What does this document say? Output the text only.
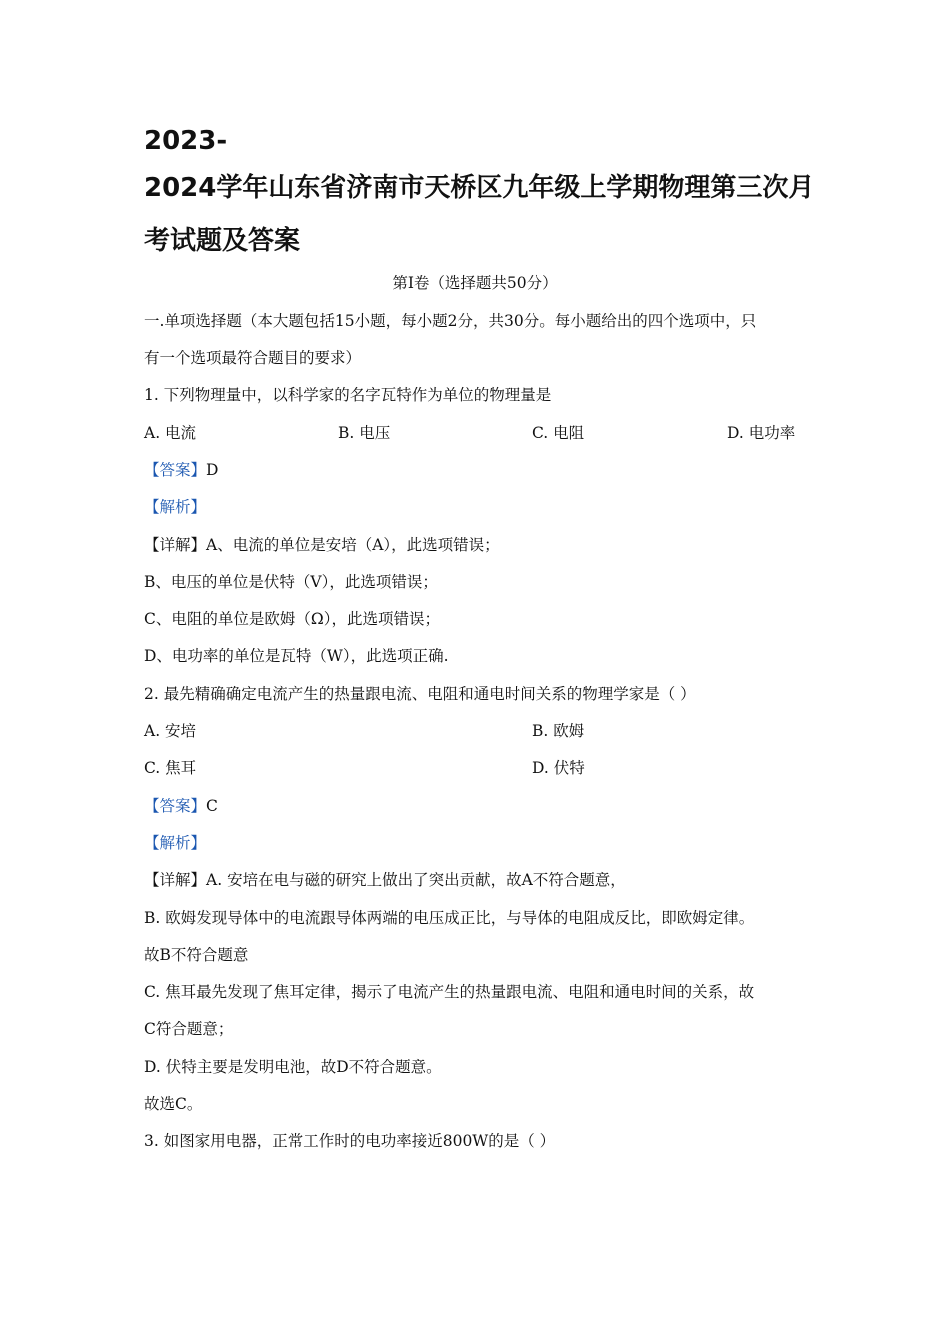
2023-
2024学年山东省济南市天桥区九年级上学期物理第三次月
考试题及答案
第I卷（选择题共50分）
一.单项选择题（本大题包括15小题，每小题2分，共30分。每小题给出的四个选项中，只
有一个选项最符合题目的要求）
1. 下列物理量中，以科学家的名字瓦特作为单位的物理量是
A. 电流	B. 电压	C. 电阻	D. 电功率
【答案】D
【解析】
【详解】A、电流的单位是安培（A），此选项错误；
B、电压的单位是伏特（V），此选项错误；
C、电阻的单位是欧姆（Ω），此选项错误；
D、电功率的单位是瓦特（W），此选项正确.
2. 最先精确确定电流产生的热量跟电流、电阻和通电时间关系的物理学家是（ ）
A. 安培	B. 欧姆
C. 焦耳	D. 伏特
【答案】C
【解析】
【详解】A. 安培在电与磁的研究上做出了突出贡献，故A不符合题意，
B. 欧姆发现导体中的电流跟导体两端的电压成正比，与导体的电阻成反比，即欧姆定律。
故B不符合题意
C. 焦耳最先发现了焦耳定律，揭示了电流产生的热量跟电流、电阻和通电时间的关系，故
C符合题意；
D. 伏特主要是发明电池，故D不符合题意。
故选C。
3. 如图家用电器，正常工作时的电功率接近800W的是（ ）
